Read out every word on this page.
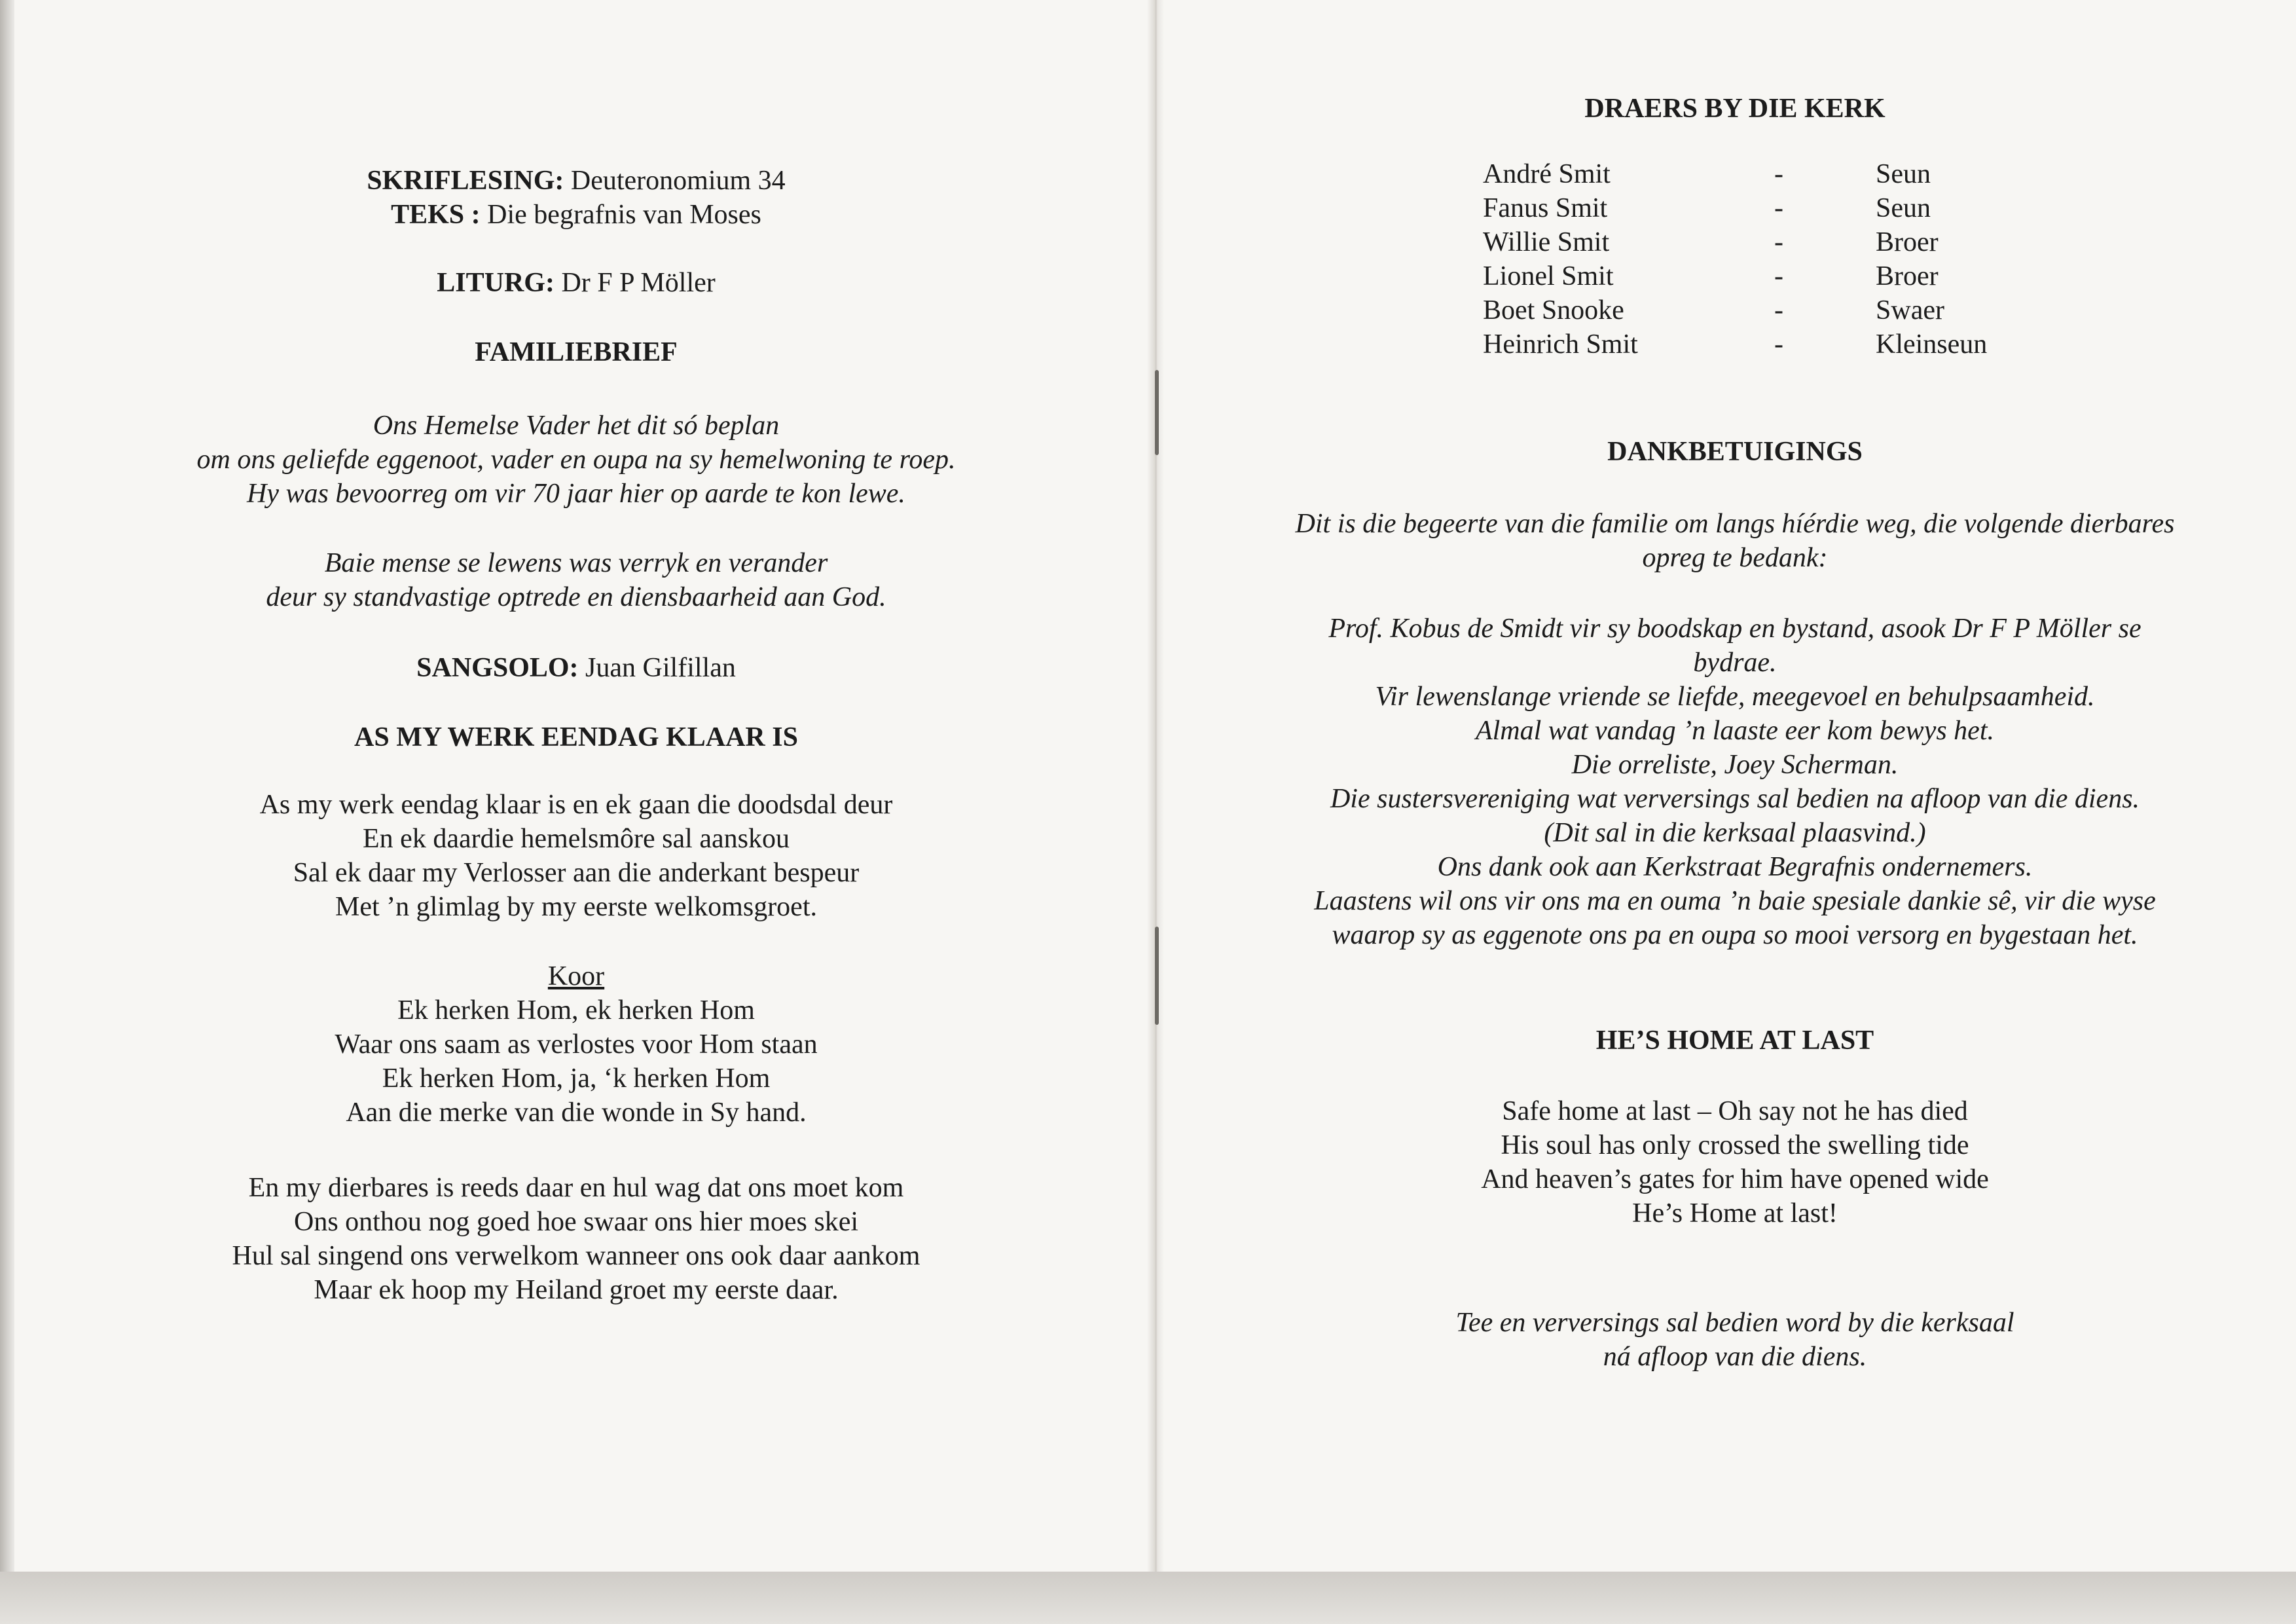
SKRIFLESING: Deuteronomium 34
TEKS : Die begrafnis van Moses
LITURG: Dr F P Möller
FAMILIEBRIEF
Ons Hemelse Vader het dit só beplan
om ons geliefde eggenoot, vader en oupa na sy hemelwoning te roep.
Hy was bevoorreg om vir 70 jaar hier op aarde te kon lewe.
Baie mense se lewens was verryk en verander
deur sy standvastige optrede en diensbaarheid aan God.
SANGSOLO: Juan Gilfillan
AS MY WERK EENDAG KLAAR IS
As my werk eendag klaar is en ek gaan die doodsdal deur
En ek daardie hemelsmôre sal aanskou
Sal ek daar my Verlosser aan die anderkant bespeur
Met ’n glimlag by my eerste welkomsgroet.
Koor
Ek herken Hom, ek herken Hom
Waar ons saam as verlostes voor Hom staan
Ek herken Hom, ja, ‘k herken Hom
Aan die merke van die wonde in Sy hand.
En my dierbares is reeds daar en hul wag dat ons moet kom
Ons onthou nog goed hoe swaar ons hier moes skei
Hul sal singend ons verwelkom wanneer ons ook daar aankom
Maar ek hoop my Heiland groet my eerste daar.
DRAERS BY DIE KERK
André Smit	-	Seun
Fanus Smit	-	Seun
Willie Smit	-	Broer
Lionel Smit	-	Broer
Boet Snooke	-	Swaer
Heinrich Smit	-	Kleinseun
DANKBETUIGINGS
Dit is die begeerte van die familie om langs híérdie weg, die volgende dierbares
opreg te bedank:
Prof. Kobus de Smidt vir sy boodskap en bystand, asook Dr F P Möller se
bydrae.
Vir lewenslange vriende se liefde, meegevoel en behulpsaamheid.
Almal wat vandag ’n laaste eer kom bewys het.
Die orreliste, Joey Scherman.
Die sustersvereniging wat verversings sal bedien na afloop van die diens.
(Dit sal in die kerksaal plaasvind.)
Ons dank ook aan Kerkstraat Begrafnis ondernemers.
Laastens wil ons vir ons ma en ouma ’n baie spesiale dankie sê, vir die wyse
waarop sy as eggenote ons pa en oupa so mooi versorg en bygestaan het.
HE’S HOME AT LAST
Safe home at last – Oh say not he has died
His soul has only crossed the swelling tide
And heaven’s gates for him have opened wide
He’s Home at last!
Tee en verversings sal bedien word by die kerksaal
ná afloop van die diens.
